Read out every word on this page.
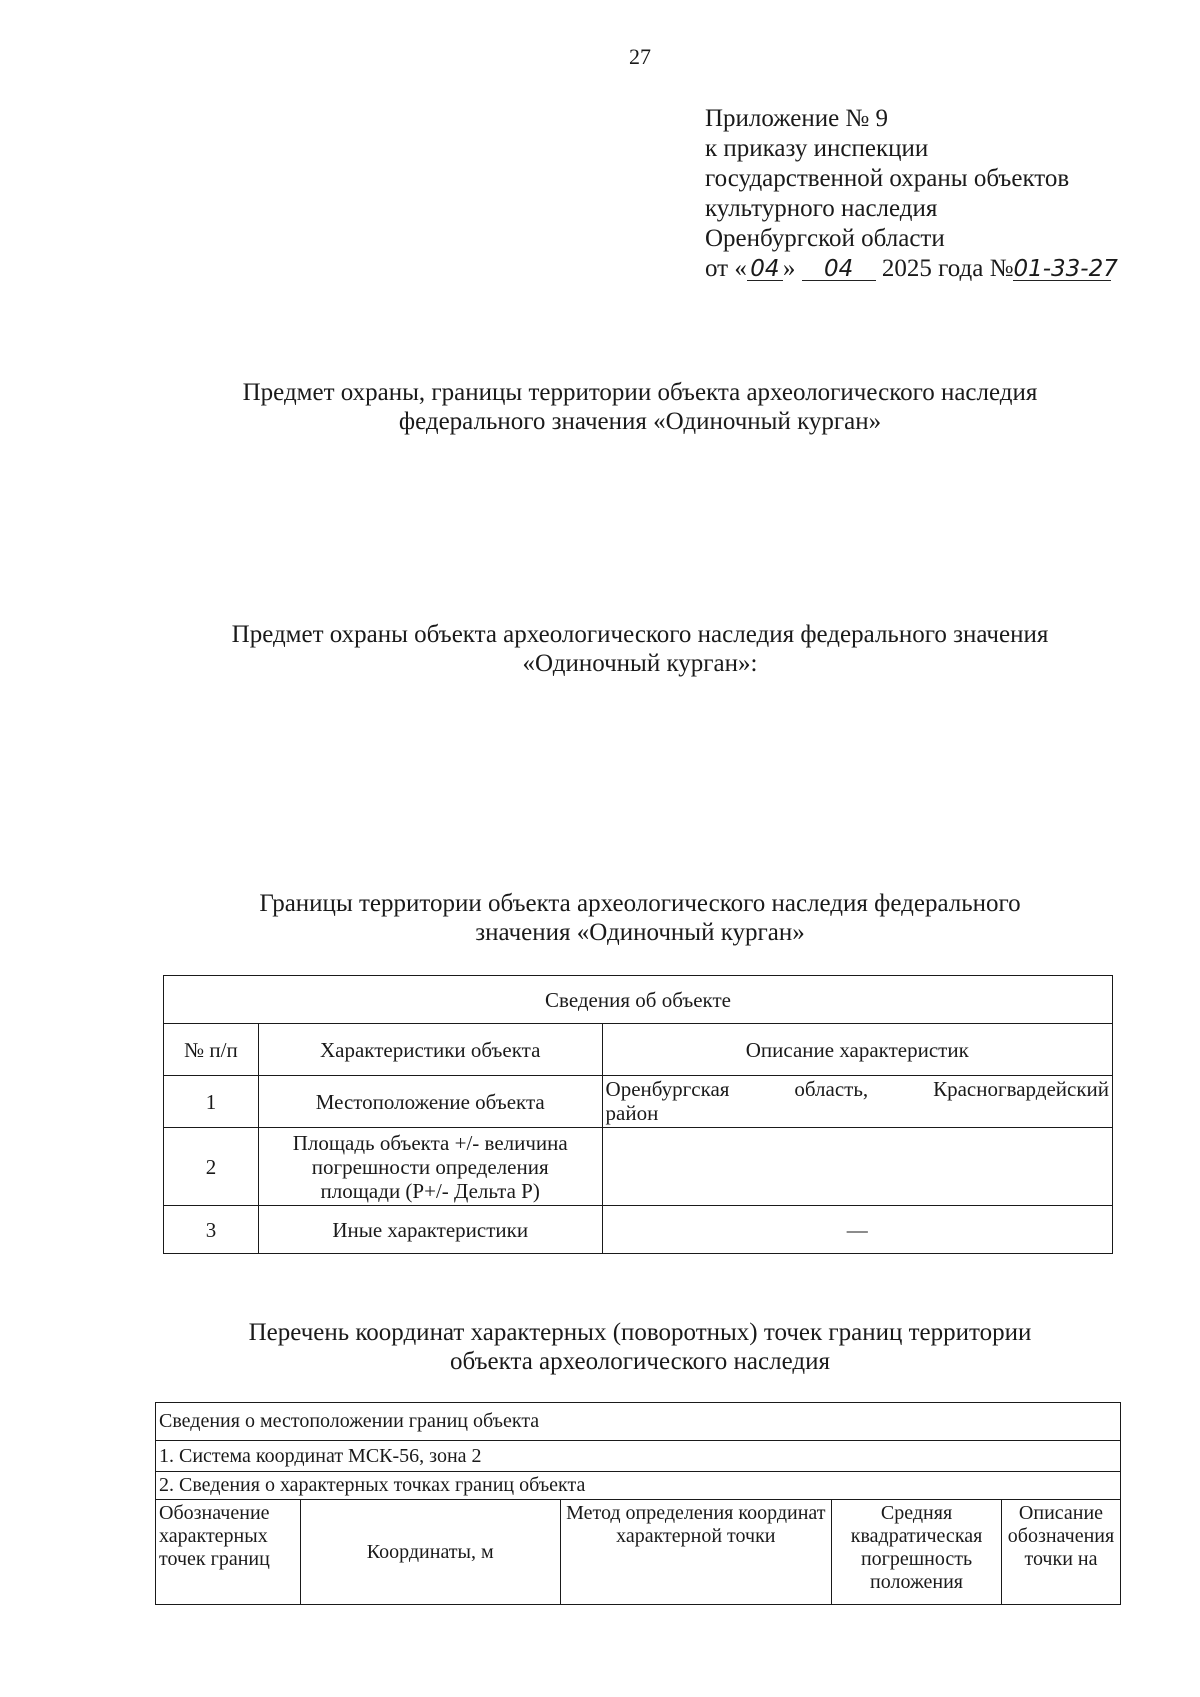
27
Приложение № 9
к приказу инспекции
государственной охраны объектов
культурного наследия
Оренбургской области
от « 04 » 04 2025 года №01-33-27
Предмет охраны, границы территории объекта археологического наследия
федерального значения «Одиночный курган»
Предмет охраны объекта археологического наследия федерального значения
«Одиночный курган»:
Границы территории объекта археологического наследия федерального
значения «Одиночный курган»
Сведения об объекте		
№ п/п	Характеристики объекта	Описание характеристик
1	Местоположение объекта	Оренбургская область, Красногвардейский
район

2	Площадь объекта +/- величина погрешности определения площади (P+/- Дельта P)	
3	Иные характеристики	—
Перечень координат характерных (поворотных) точек границ территории
объекта археологического наследия
Сведения о местоположении границ объекта
1. Система координат МСК-56, зона 2
2. Сведения о характерных точках границ объекта
Обозначение характерных точек границ	Координаты, м	Метод определения координат характерной точки	Средняя квадратическая погрешность положения	Описание обозначения точки на
